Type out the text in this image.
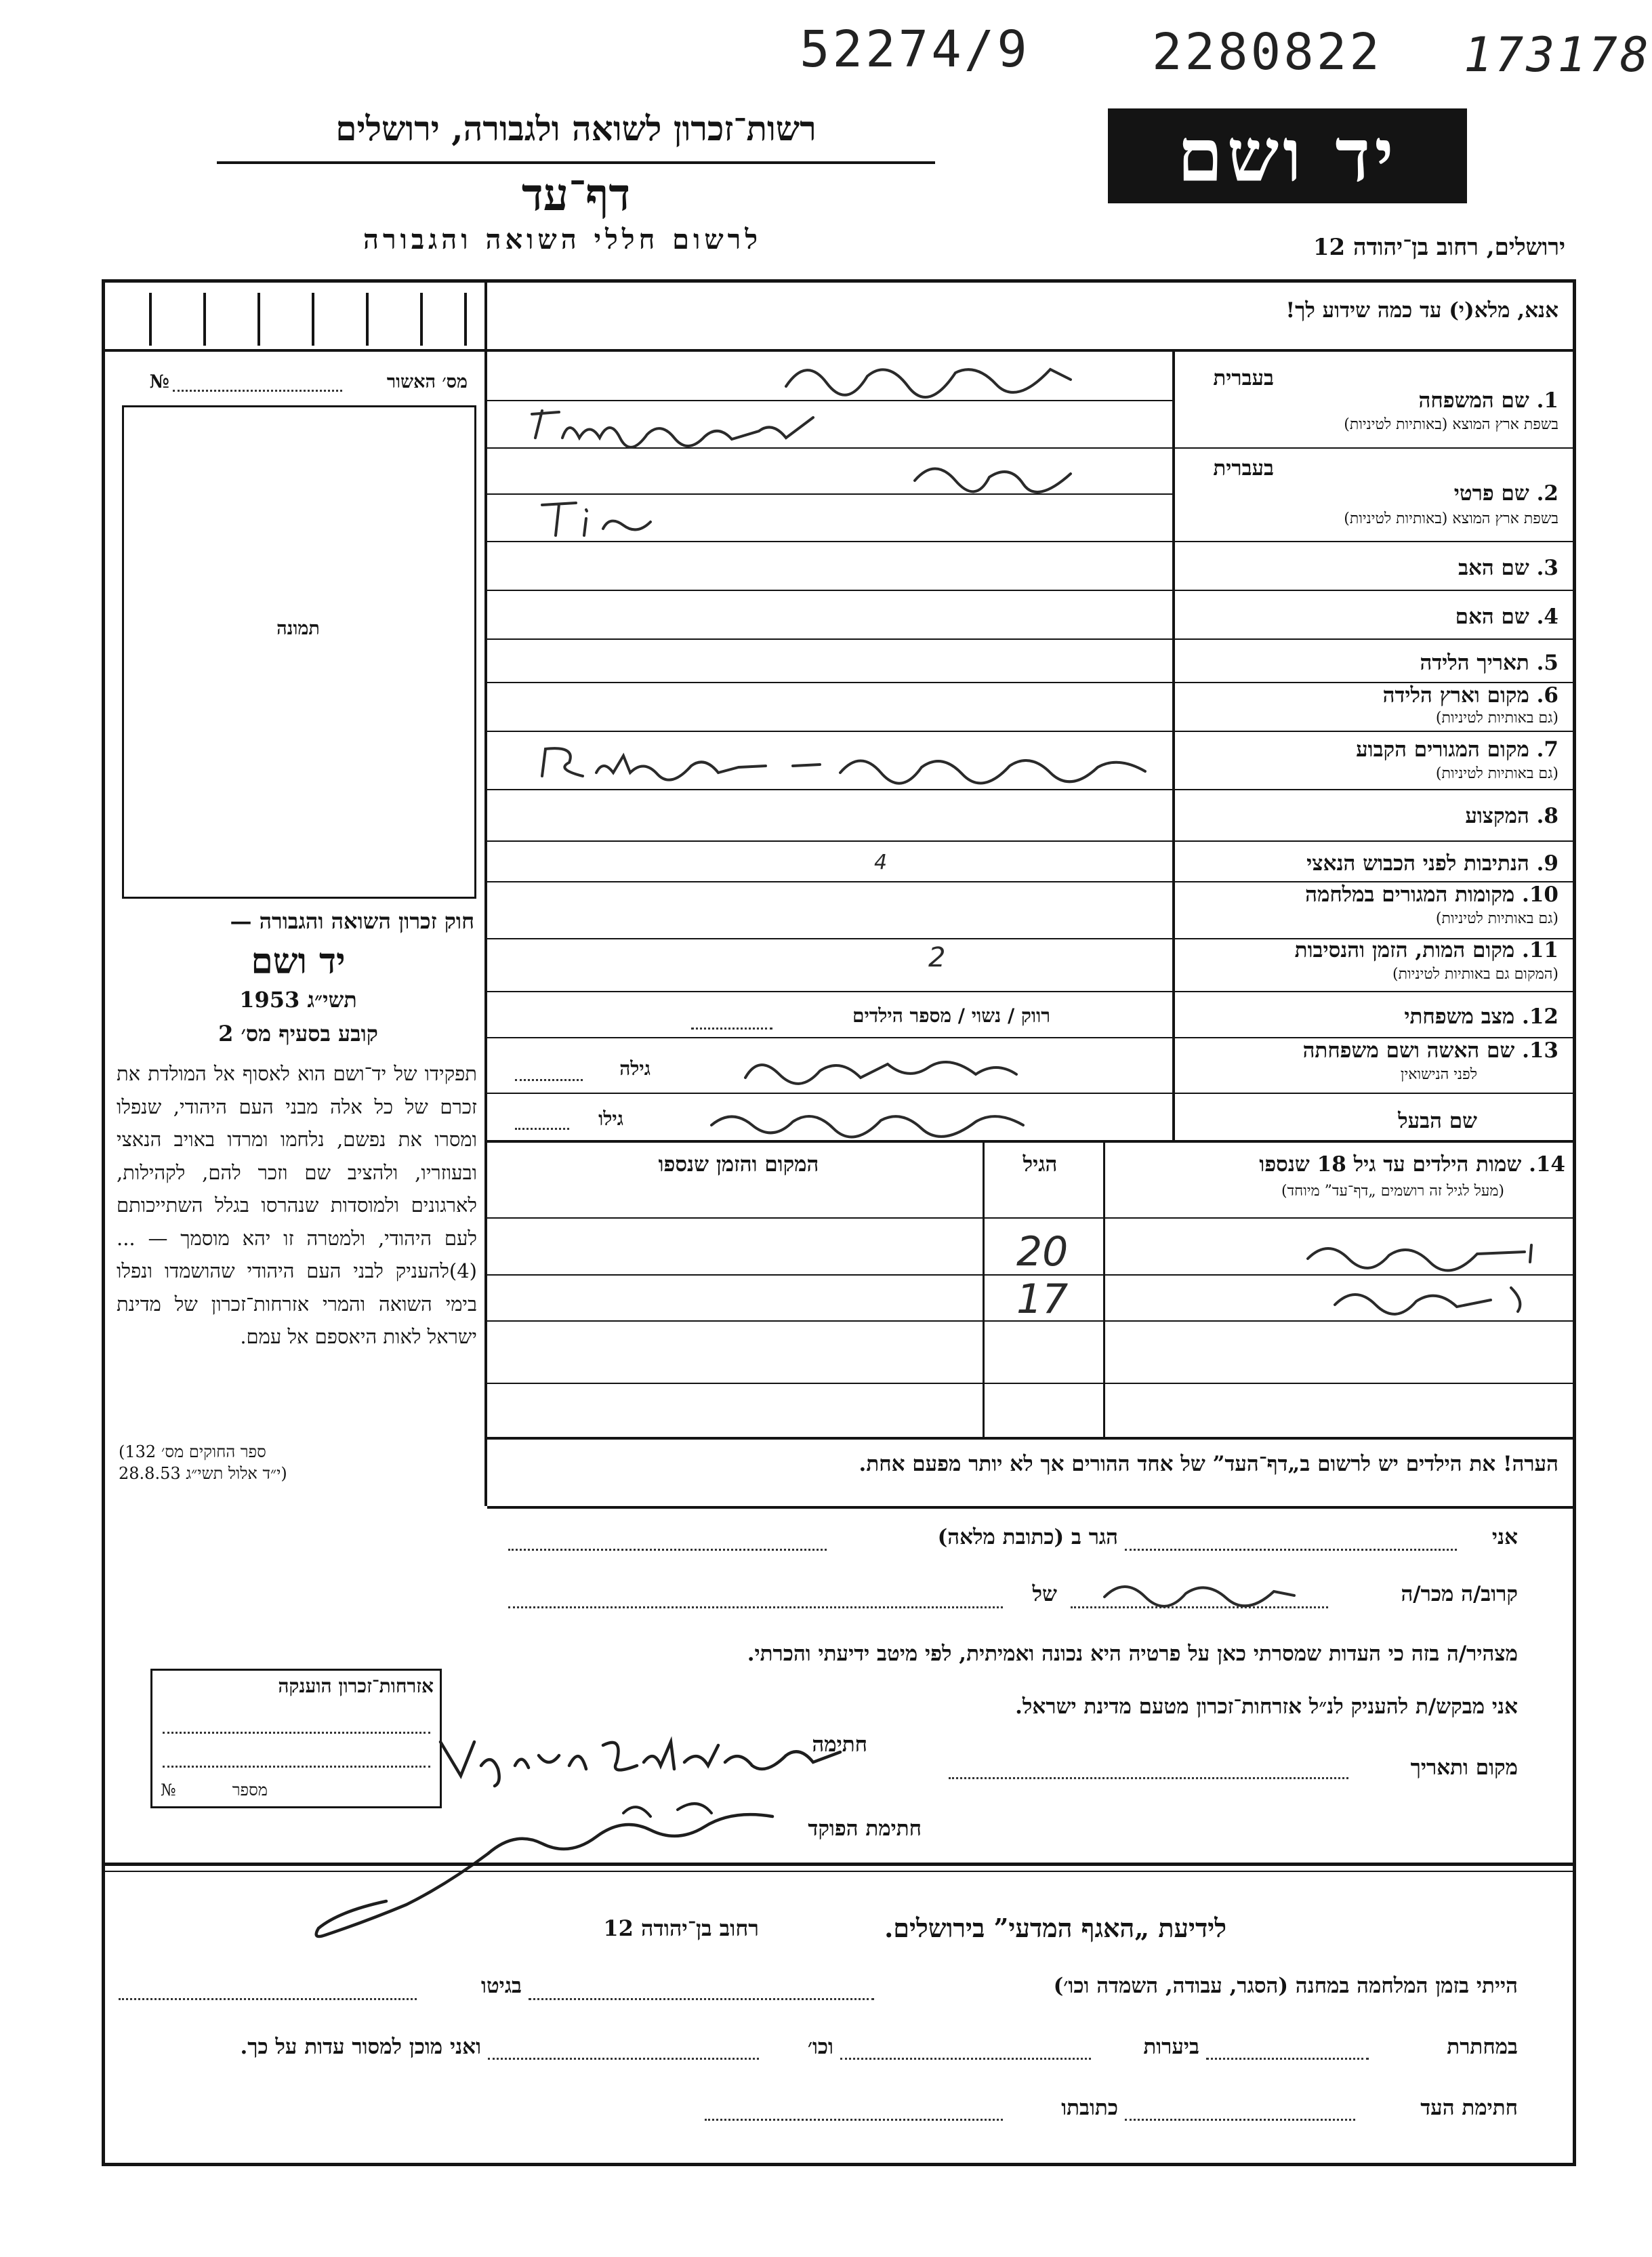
52274/9 2280822 173178
רשות־זכרון לשואה ולגבורה, ירושלים
דף־עד
לרשום חללי השואה והגבורה
יד ושם
ירושלים, רחוב בן־יהודה 12
אנא, מלא(י) עד כמה שידוע לך!
בעברית
1. שם המשפחה
בשפת ארץ המוצא (באותיות לטיניות)
בעברית
2. שם פרטי
בשפת ארץ המוצא (באותיות לטיניות)
3. שם האב
4. שם האם
5. תאריך הלידה
6. מקום וארץ הלידה
(גם באותיות לטיניות)
7. מקום המגורים הקבוע
(גם באותיות לטיניות)
8. המקצוע
9. הנתיבות לפני הכבוש הנאצי
10. מקומות המגורים במלחמה
(גם באותיות לטיניות)
11. מקום המות, הזמן והנסיבות
(המקום גם באותיות לטיניות)
12. מצב משפחתי
13. שם האשה ושם משפחתה
לפני הנישואין
שם הבעל
רווק / נשוי / מספר הילדים
גילה
גילו
14. שמות הילדים עד גיל 18 שנספו
(מעל לגיל זה רושמים „דף־עד” מיוחד)
הגיל
המקום והזמן שנספו
הערה! את הילדים יש לרשום ב„דף־העד” של אחד ההורים אך לא יותר מפעם אחת.
4
2
20
17
מס׳ האשור
№
תמונה
חוק זכרון השואה והגבורה —
יד ושם
תשי״ג 1953
קובע בסעיף מס׳ 2
תפקידו של יד־ושם הוא לאסוף אל המולדת את זכרם של כל אלה מבני העם היהודי, שנפלו ומסרו את נפשם, נלחמו ומרדו באויב הנאצי ובעוזריו, ולהציב שם וזכר להם, לקהילות, לארגונים ולמוסדות שנהרסו בגלל השתייכותם לעם היהודי, ולמטרה זו יהא מוסמך — ...(4)להעניק לבני העם היהודי שהושמדו ונפלו בימי השואה והמרי אזרחות־זכרון של מדינת ישראל לאות היאספם אל עמם.
(ספר החוקים מס׳ 132
י״ד אלול תשי״ג 28.8.53)
אזרחות־זכרון הוענקה
מספר
№
אני
הגר ב (כתובת מלאה)
קרוב/ה מכר/ה
של
מצהיר/ה בזה כי העדות שמסרתי כאן על פרטיה היא נכונה ואמיתית, לפי מיטב ידיעתי והכרתי.
אני מבקש/ת להעניק לנ״ל אזרחות־זכרון מטעם מדינת ישראל.
מקום ותאריך
חתימה
חתימת הפוקד
לידיעת „האגף המדעי” בירושלים.
רחוב בן־יהודה 12
הייתי בזמן המלחמה במחנה (הסגר, עבודה, השמדה וכו׳)
בגיטו
במחתרת
ביערות
וכו׳
ואני מוכן למסור עדות על כך.
חתימת העד
כתובתו
